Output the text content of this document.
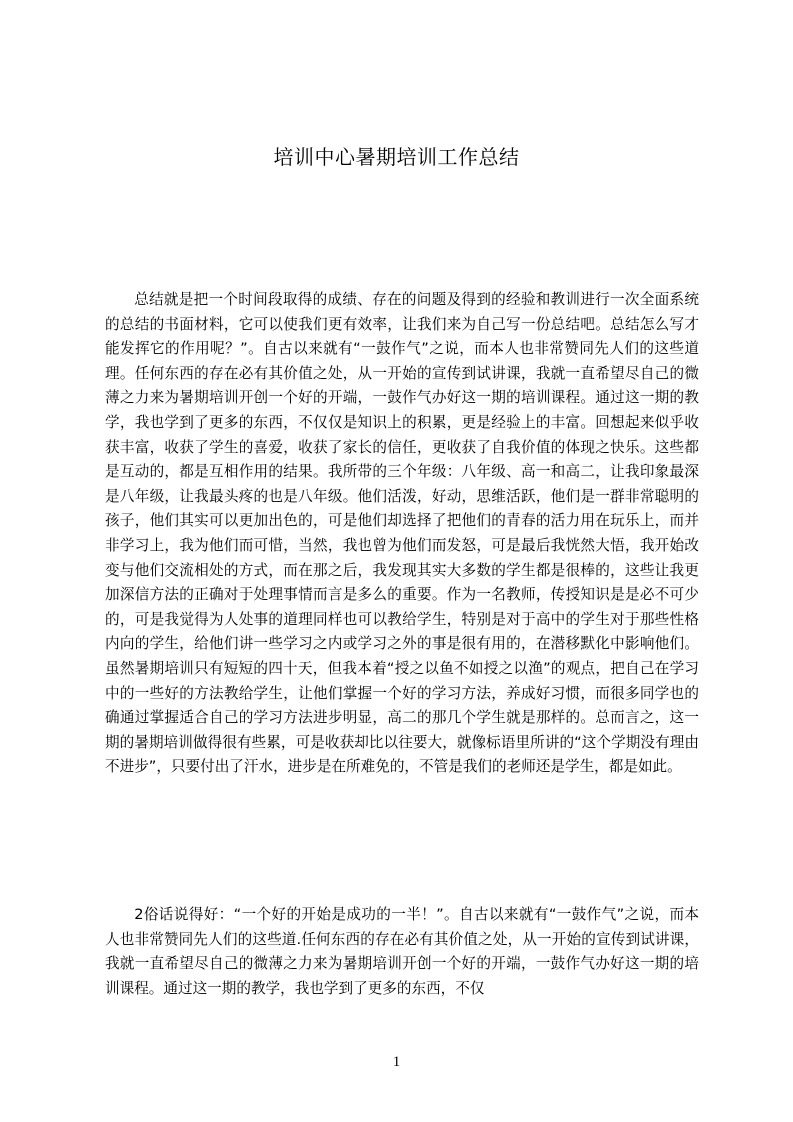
培训中心暑期培训工作总结

总结就是把一个时间段取得的成绩、存在的问题及得到的经验和教训进行一次全面系统的总结的书面材料，它可以使我们更有效率，让我们来为自己写一份总结吧。总结怎么写才能发挥它的作用呢？”。自古以来就有“一鼓作气”之说，而本人也非常赞同先人们的这些道理。任何东西的存在必有其价值之处，从一开始的宣传到试讲课，我就一直希望尽自己的微薄之力来为暑期培训开创一个好的开端，一鼓作气办好这一期的培训课程。通过这一期的教学，我也学到了更多的东西，不仅仅是知识上的积累，更是经验上的丰富。回想起来似乎收获丰富，收获了学生的喜爱，收获了家长的信任，更收获了自我价值的体现之快乐。这些都是互动的，都是互相作用的结果。我所带的三个年级：八年级、高一和高二，让我印象最深是八年级，让我最头疼的也是八年级。他们活泼，好动，思维活跃，他们是一群非常聪明的孩子，他们其实可以更加出色的，可是他们却选择了把他们的青春的活力用在玩乐上，而并非学习上，我为他们而可惜，当然，我也曾为他们而发怒，可是最后我恍然大悟，我开始改变与他们交流相处的方式，而在那之后，我发现其实大多数的学生都是很棒的，这些让我更加深信方法的正确对于处理事情而言是多么的重要。作为一名教师，传授知识是是必不可少的，可是我觉得为人处事的道理同样也可以教给学生，特别是对于高中的学生对于那些性格内向的学生，给他们讲一些学习之内或学习之外的事是很有用的，在潜移默化中影响他们。虽然暑期培训只有短短的四十天，但我本着“授之以鱼不如授之以渔”的观点，把自己在学习中的一些好的方法教给学生，让他们掌握一个好的学习方法，养成好习惯，而很多同学也的确通过掌握适合自己的学习方法进步明显，高二的那几个学生就是那样的。总而言之，这一期的暑期培训做得很有些累，可是收获却比以往要大，就像标语里所讲的“这个学期没有理由不进步”，只要付出了汗水，进步是在所难免的，不管是我们的老师还是学生，都是如此。

2俗话说得好：“一个好的开始是成功的一半！”。自古以来就有“一鼓作气”之说，而本人也非常赞同先人们的这些道.任何东西的存在必有其价值之处，从一开始的宣传到试讲课，我就一直希望尽自己的微薄之力来为暑期培训开创一个好的开端，一鼓作气办好这一期的培训课程。通过这一期的教学，我也学到了更多的东西，不仅

1
